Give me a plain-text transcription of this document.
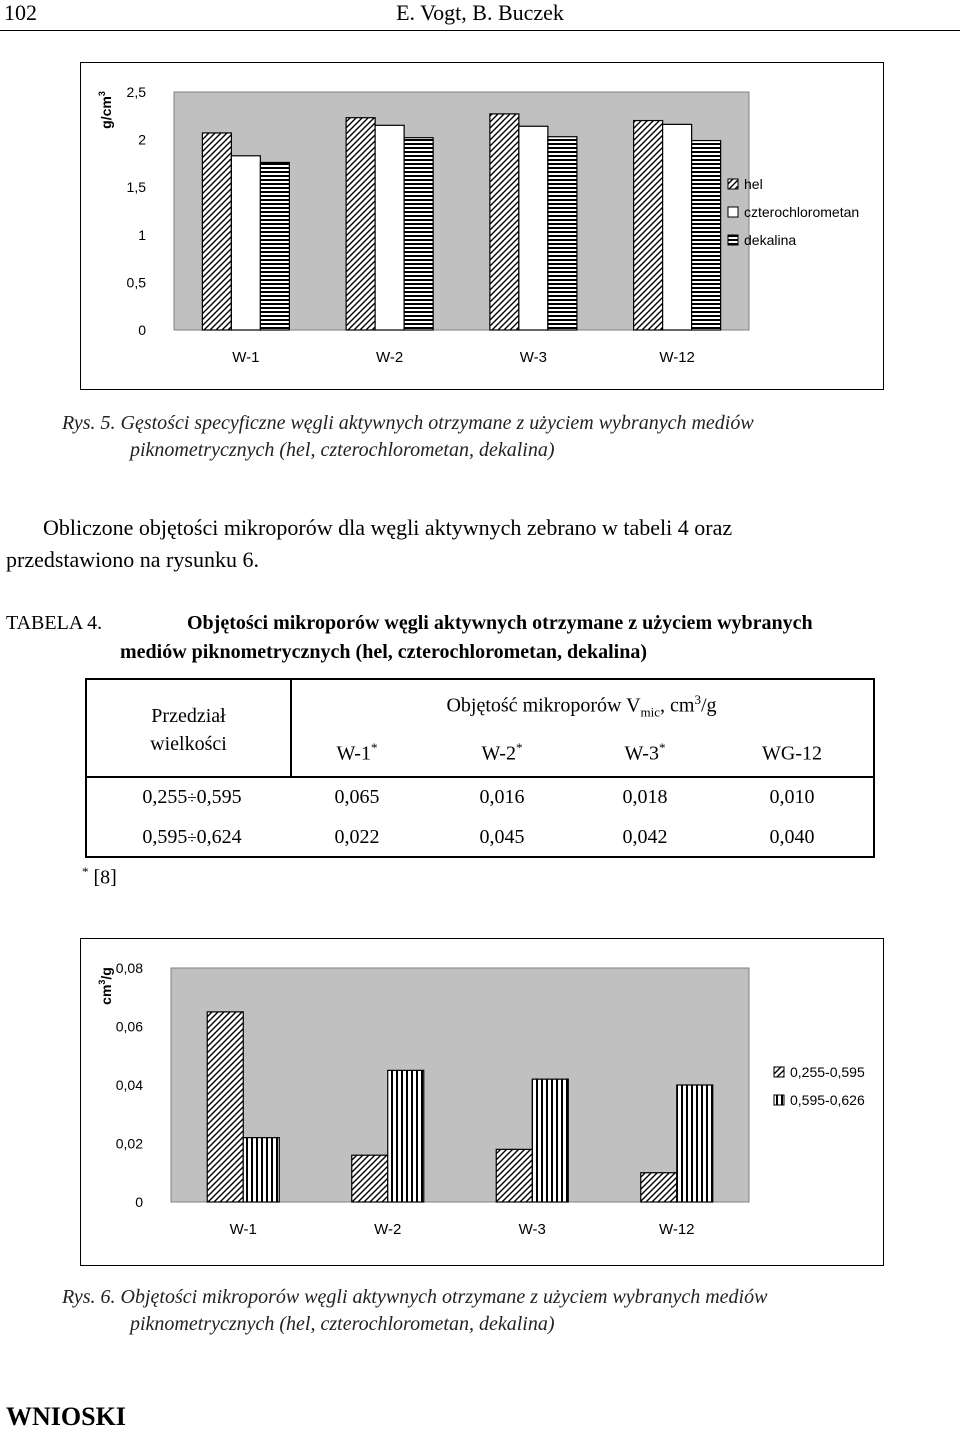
102	E. Vogt, B. Buczek
0
0,5
1
1,5
2
2,5
$g/cm^3$
W-1	W-2	W-3	W-12
hel
czterochlorometan
dekalina
Rys. 5. Gęstości specyficzne węgli aktywnych otrzymane z użyciem wybranych mediów
piknometrycznych (hel, czterochlorometan, dekalina)
Obliczone objętości mikroporów dla węgli aktywnych zebrano w tabeli 4 oraz
przedstawiono na rysunku 6.
TABELA 4.	Objętości mikroporów węgli aktywnych otrzymane z użyciem wybranych
mediów piknometrycznych (hel, czterochlorometan, dekalina)
Przedział
wielkości
Objętość mikroporów $V_{mic}$, $cm^3/g$
W-1*	W-2*	W-3*	WG-12
0,255÷0,595	0,065	0,016	0,018	0,010
0,595÷0,624	0,022	0,045	0,042	0,040
* [8]
0
0,02
0,04
0,06
0,08
$cm^3/g$
W-1	W-2	W-3	W-12
0,255-0,595
0,595-0,626
Rys. 6. Objętości mikroporów węgli aktywnych otrzymane z użyciem wybranych mediów
piknometrycznych (hel, czterochlorometan, dekalina)
WNIOSKI
